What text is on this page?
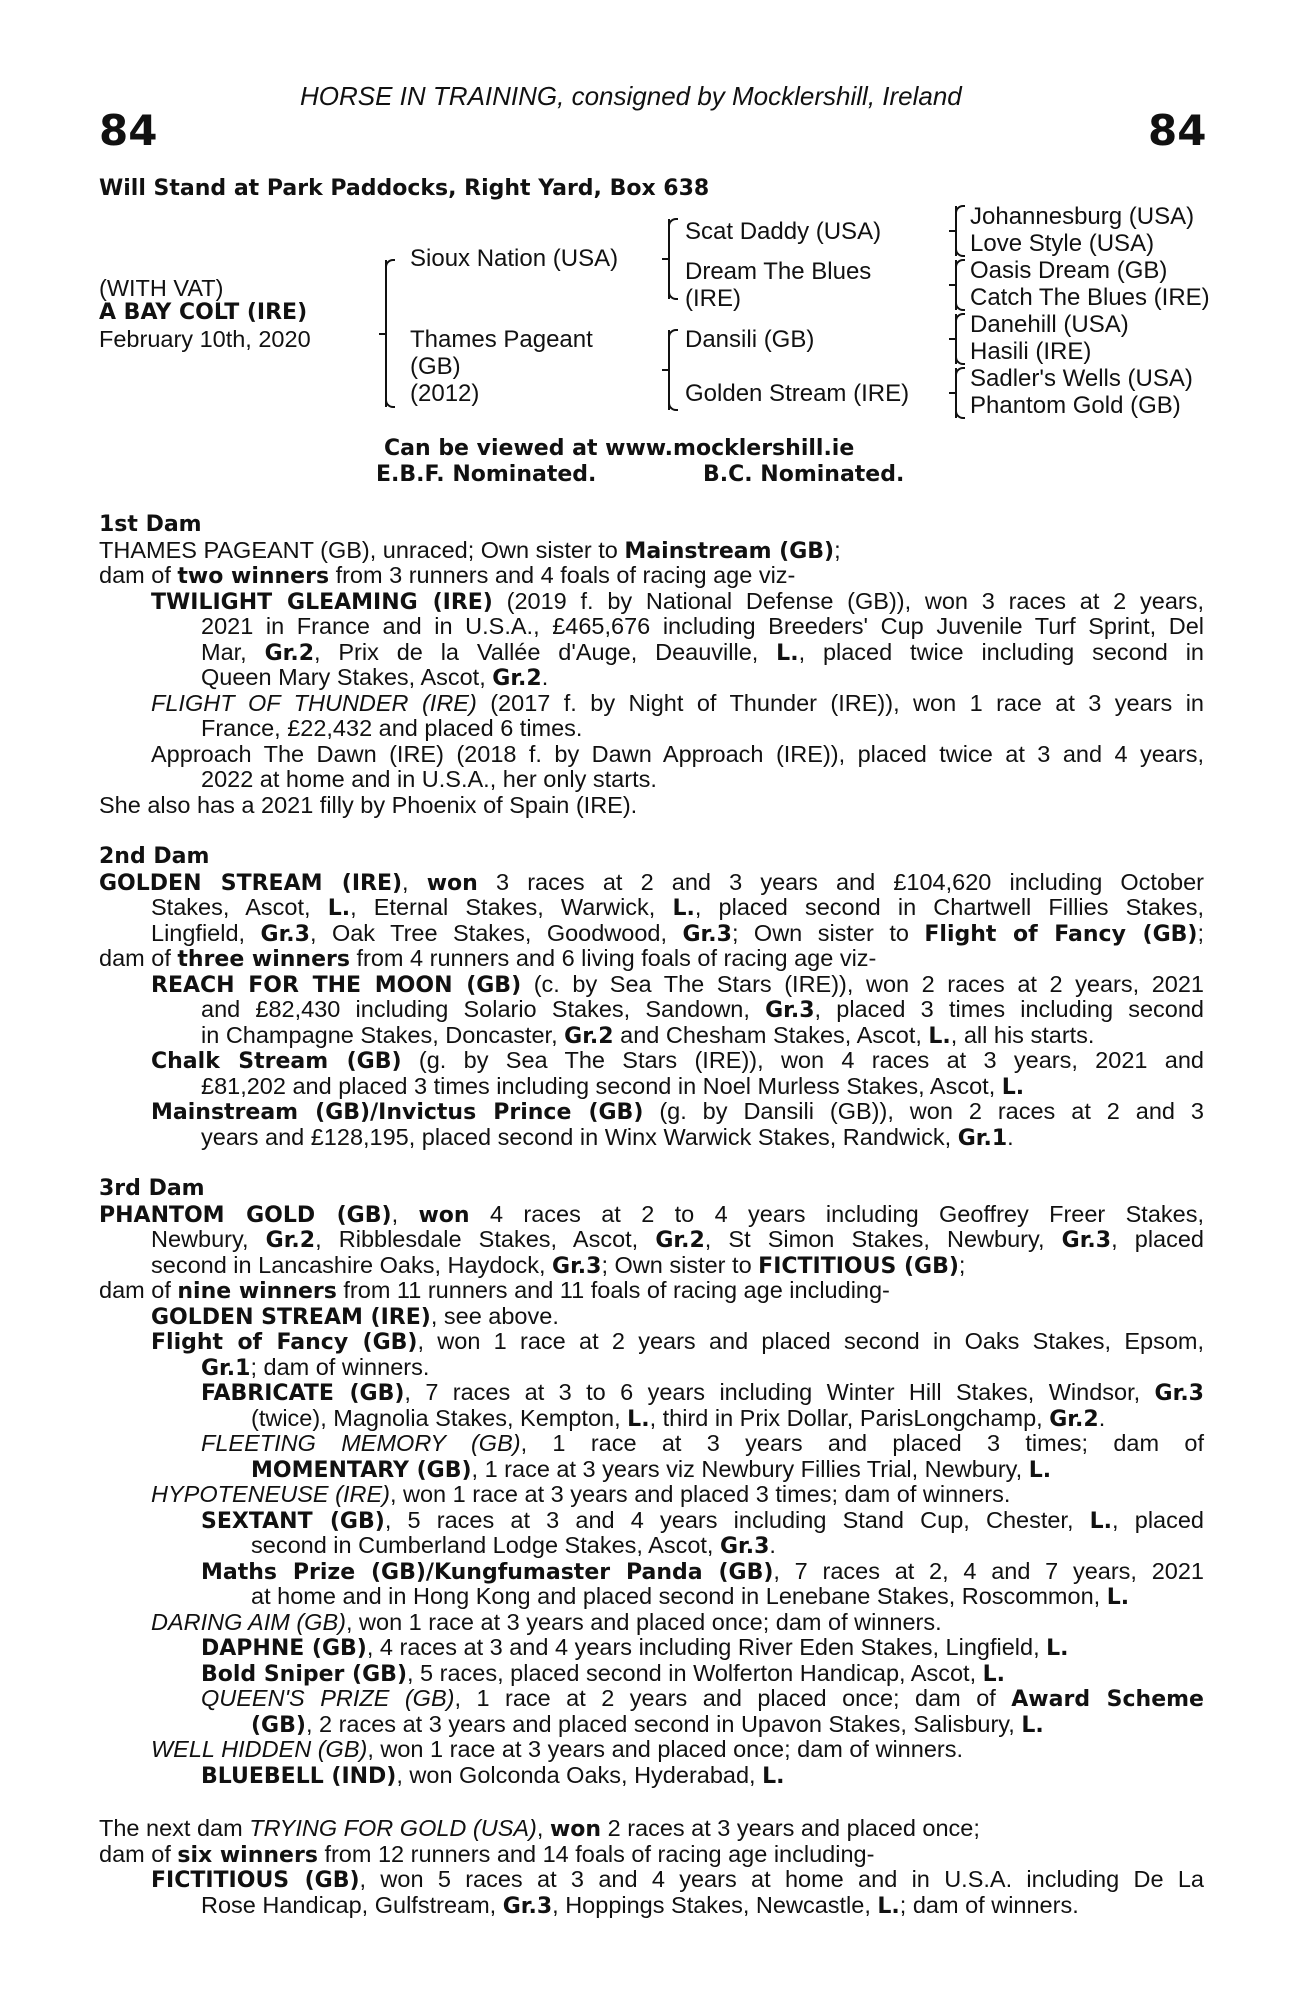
HORSE IN TRAINING, consigned by Mocklershill, Ireland
84	84
Will Stand at Park Paddocks, Right Yard, Box 638
(WITH VAT)
A BAY COLT (IRE)
February 10th, 2020
Sioux Nation (USA)
Thames Pageant
(GB)
(2012)
Scat Daddy (USA)
Dream The Blues
(IRE)
Dansili (GB)
Golden Stream (IRE)
Johannesburg (USA)
Love Style (USA)
Oasis Dream (GB)
Catch The Blues (IRE)
Danehill (USA)
Hasili (IRE)
Sadler's Wells (USA)
Phantom Gold (GB)
Can be viewed at www.mocklershill.ie
E.B.F. Nominated.	B.C. Nominated.
1st Dam
THAMES PAGEANT (GB), unraced; Own sister to Mainstream (GB);
dam of two winners from 3 runners and 4 foals of racing age viz-
TWILIGHT GLEAMING (IRE) (2019 f. by National Defense (GB)), won 3 races at 2 years,
2021 in France and in U.S.A., £465,676 including Breeders' Cup Juvenile Turf Sprint, Del
Mar, Gr.2, Prix de la Vallée d'Auge, Deauville, L., placed twice including second in
Queen Mary Stakes, Ascot, Gr.2.
FLIGHT OF THUNDER (IRE) (2017 f. by Night of Thunder (IRE)), won 1 race at 3 years in
France, £22,432 and placed 6 times.
Approach The Dawn (IRE) (2018 f. by Dawn Approach (IRE)), placed twice at 3 and 4 years,
2022 at home and in U.S.A., her only starts.
She also has a 2021 filly by Phoenix of Spain (IRE).
2nd Dam
GOLDEN STREAM (IRE), won 3 races at 2 and 3 years and £104,620 including October
Stakes, Ascot, L., Eternal Stakes, Warwick, L., placed second in Chartwell Fillies Stakes,
Lingfield, Gr.3, Oak Tree Stakes, Goodwood, Gr.3; Own sister to Flight of Fancy (GB);
dam of three winners from 4 runners and 6 living foals of racing age viz-
REACH FOR THE MOON (GB) (c. by Sea The Stars (IRE)), won 2 races at 2 years, 2021
and £82,430 including Solario Stakes, Sandown, Gr.3, placed 3 times including second
in Champagne Stakes, Doncaster, Gr.2 and Chesham Stakes, Ascot, L., all his starts.
Chalk Stream (GB) (g. by Sea The Stars (IRE)), won 4 races at 3 years, 2021 and
£81,202 and placed 3 times including second in Noel Murless Stakes, Ascot, L.
Mainstream (GB)/Invictus Prince (GB) (g. by Dansili (GB)), won 2 races at 2 and 3
years and £128,195, placed second in Winx Warwick Stakes, Randwick, Gr.1.
3rd Dam
PHANTOM GOLD (GB), won 4 races at 2 to 4 years including Geoffrey Freer Stakes,
Newbury, Gr.2, Ribblesdale Stakes, Ascot, Gr.2, St Simon Stakes, Newbury, Gr.3, placed
second in Lancashire Oaks, Haydock, Gr.3; Own sister to FICTITIOUS (GB);
dam of nine winners from 11 runners and 11 foals of racing age including-
GOLDEN STREAM (IRE), see above.
Flight of Fancy (GB), won 1 race at 2 years and placed second in Oaks Stakes, Epsom,
Gr.1; dam of winners.
FABRICATE (GB), 7 races at 3 to 6 years including Winter Hill Stakes, Windsor, Gr.3
(twice), Magnolia Stakes, Kempton, L., third in Prix Dollar, ParisLongchamp, Gr.2.
FLEETING MEMORY (GB), 1 race at 3 years and placed 3 times; dam of
MOMENTARY (GB), 1 race at 3 years viz Newbury Fillies Trial, Newbury, L.
HYPOTENEUSE (IRE), won 1 race at 3 years and placed 3 times; dam of winners.
SEXTANT (GB), 5 races at 3 and 4 years including Stand Cup, Chester, L., placed
second in Cumberland Lodge Stakes, Ascot, Gr.3.
Maths Prize (GB)/Kungfumaster Panda (GB), 7 races at 2, 4 and 7 years, 2021
at home and in Hong Kong and placed second in Lenebane Stakes, Roscommon, L.
DARING AIM (GB), won 1 race at 3 years and placed once; dam of winners.
DAPHNE (GB), 4 races at 3 and 4 years including River Eden Stakes, Lingfield, L.
Bold Sniper (GB), 5 races, placed second in Wolferton Handicap, Ascot, L.
QUEEN'S PRIZE (GB), 1 race at 2 years and placed once; dam of Award Scheme
(GB), 2 races at 3 years and placed second in Upavon Stakes, Salisbury, L.
WELL HIDDEN (GB), won 1 race at 3 years and placed once; dam of winners.
BLUEBELL (IND), won Golconda Oaks, Hyderabad, L.
The next dam TRYING FOR GOLD (USA), won 2 races at 3 years and placed once;
dam of six winners from 12 runners and 14 foals of racing age including-
FICTITIOUS (GB), won 5 races at 3 and 4 years at home and in U.S.A. including De La
Rose Handicap, Gulfstream, Gr.3, Hoppings Stakes, Newcastle, L.; dam of winners.
